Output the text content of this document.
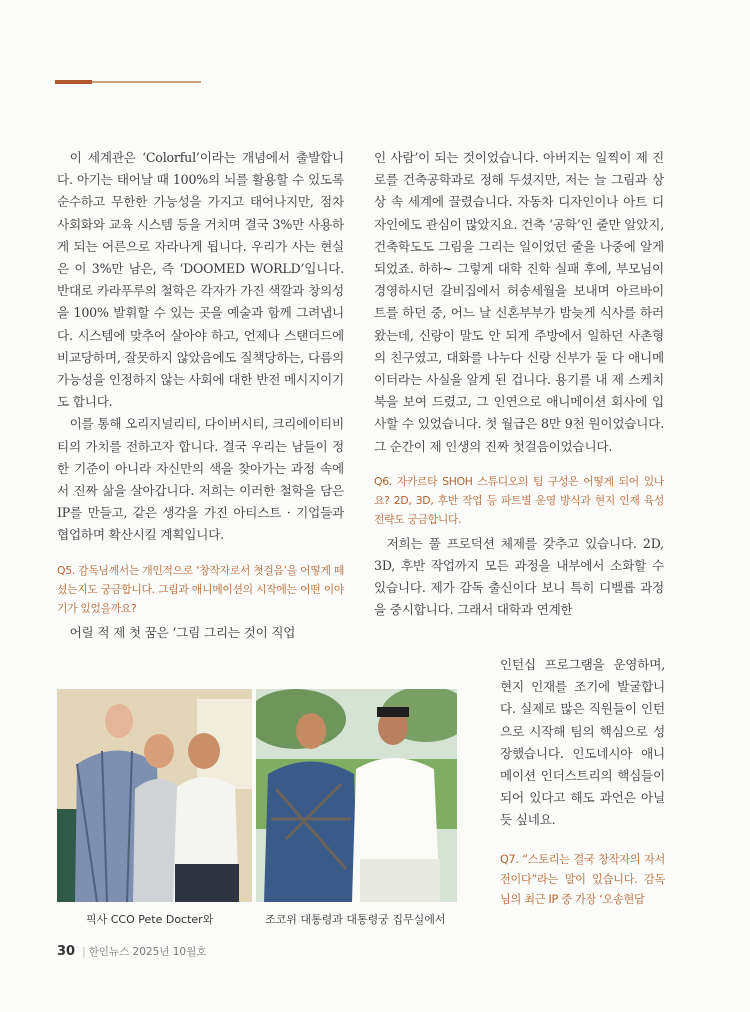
이 세계관은 ‘Colorful’이라는 개념에서 출발합니다. 아기는 태어날 때 100%의 뇌를 활용할 수 있도록 순수하고 무한한 가능성을 가지고 태어나지만, 점차 사회화와 교육 시스템 등을 거치며 결국 3%만 사용하게 되는 어른으로 자라나게 됩니다. 우리가 사는 현실은 이 3%만 남은, 즉 ‘DOOMED WORLD’입니다. 반대로 카라푸루의 철학은 각자가 가진 색깔과 창의성을 100% 발휘할 수 있는 곳을 예술과 함께 그려냅니다. 시스템에 맞추어 살아야 하고, 언제나 스탠더드에 비교당하며, 잘못하지 않았음에도 질책당하는, 다름의 가능성을 인정하지 않는 사회에 대한 반전 메시지이기도 합니다.

이를 통해 오리지널리티, 다이버시티, 크리에이티비티의 가치를 전하고자 합니다. 결국 우리는 남들이 정한 기준이 아니라 자신만의 색을 찾아가는 과정 속에서 진짜 삶을 살아갑니다. 저희는 이러한 철학을 담은 IP를 만들고, 같은 생각을 가진 아티스트 · 기업들과 협업하며 확산시킬 계획입니다.

Q5. 감독님께서는 개인적으로 ‘창작자로서 첫걸음’을 어떻게 떼셨는지도 궁금합니다. 그림과 애니메이션의 시작에는 어떤 이야기가 있었을까요?

어릴 적 제 첫 꿈은 ‘그림 그리는 것이 직업

인 사람’이 되는 것이었습니다. 아버지는 일찍이 제 진로를 건축공학과로 정해 두셨지만, 저는 늘 그림과 상상 속 세계에 끌렸습니다. 자동차 디자인이나 아트 디자인에도 관심이 많았지요. 건축 ‘공학’인 줄만 알았지, 건축학도도 그림을 그리는 일이었던 줄을 나중에 알게 되었죠. 하하~ 그렇게 대학 진학 실패 후에, 부모님이 경영하시던 갈비집에서 허송세월을 보내며 아르바이트를 하던 중, 어느 날 신혼부부가 밤늦게 식사를 하러 왔는데, 신랑이 말도 안 되게 주방에서 일하던 사촌형의 친구였고, 대화를 나누다 신랑 신부가 둘 다 애니메이터라는 사실을 알게 된 겁니다. 용기를 내 제 스케치북을 보여 드렸고, 그 인연으로 애니메이션 회사에 입사할 수 있었습니다. 첫 월급은 8만 9천 원이었습니다. 그 순간이 제 인생의 진짜 첫걸음이었습니다.

Q6. 자카르타 SHOH 스튜디오의 팀 구성은 어떻게 되어 있나요? 2D, 3D, 후반 작업 등 파트별 운영 방식과 현지 인재 육성 전략도 궁금합니다.

저희는 풀 프로덕션 체제를 갖추고 있습니다. 2D, 3D, 후반 작업까지 모든 과정을 내부에서 소화할 수 있습니다. 제가 감독 출신이다 보니 특히 디벨롭 과정을 중시합니다. 그래서 대학과 연계한

인턴십 프로그램을 운영하며, 현지 인재를 조기에 발굴합니다. 실제로 많은 직원들이 인턴으로 시작해 팀의 핵심으로 성장했습니다. 인도네시아 애니메이션 인더스트리의 핵심들이 되어 있다고 해도 과언은 아닐 듯 싶네요.

Q7. “스토리는 결국 창작자의 자서전이다”라는 말이 있습니다. 감독님의 최근 IP 중 가장 ‘오송현답

픽사 CCO Pete Docter와	조코위 대통령과 대통령궁 집무실에서
30 | 한인뉴스 2025년 10월호
